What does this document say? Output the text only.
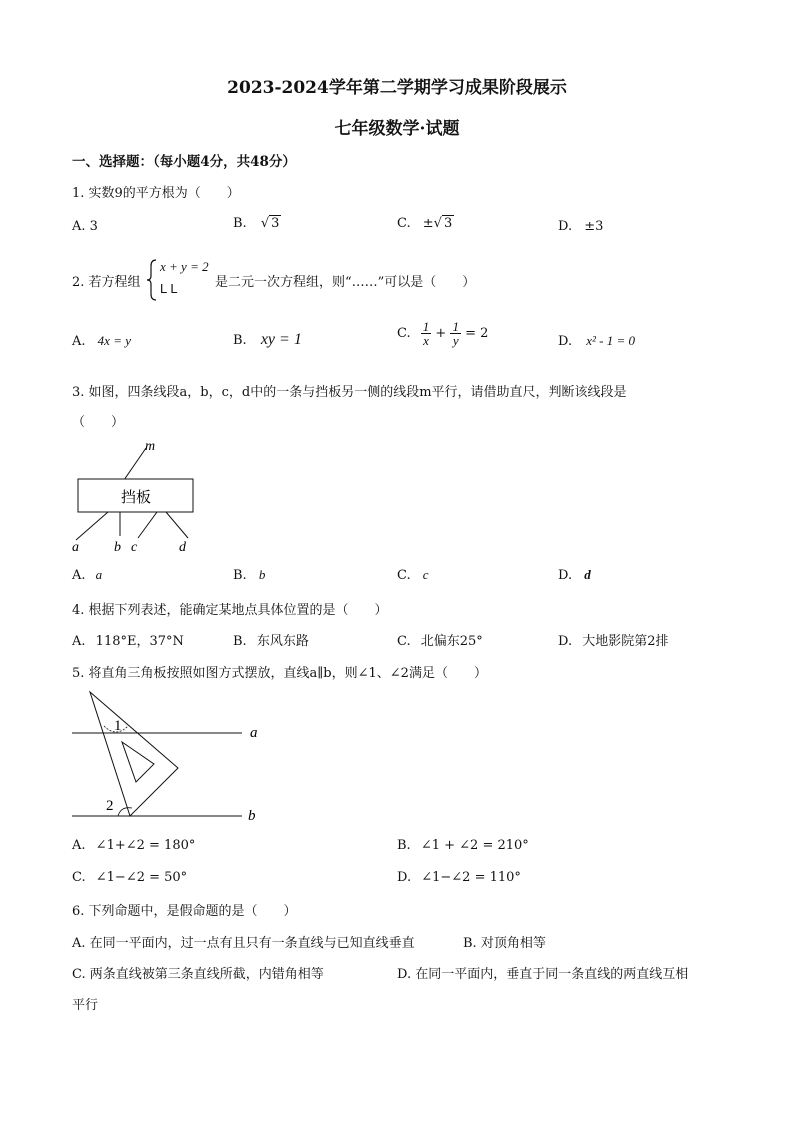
2023-2024学年第二学期学习成果阶段展示
七年级数学·试题
一、选择题：（每小题4分，共48分）
1. 实数9的平方根为（　　）
A. 3	B. √ 3	C. ±√ 3	D. ±3
2. 若方程组
x + y = 2
L L	是二元一次方程组，则“……”可以是（　　）
A. 4x = y	B. xy = 1	C. $\frac{1}{x} + \frac{1}{y} = 2$
D. x² - 1 = 0
3. 如图，四条线段a，b，c，d中的一条与挡板另一侧的线段m平行，请借助直尺，判断该线段是
（　　）
m
挡板
a	b c	d
A. a	B. b	C. c	D. d
4. 根据下列表述，能确定某地点具体位置的是（　　）
A. 118°E，37°N	B. 东风东路	C. 北偏东25°	D. 大地影院第2排
5. 将直角三角板按照如图方式摆放，直线a∥b，则∠1、∠2满足（　　）
1
2
a
b
A. ∠1+∠2 = 180°	B. ∠1 + ∠2 = 210°
C. ∠1−∠2 = 50°	D. ∠1−∠2 = 110°
6. 下列命题中，是假命题的是（　　）
A. 在同一平面内，过一点有且只有一条直线与已知直线垂直	B. 对顶角相等
C. 两条直线被第三条直线所截，内错角相等	D. 在同一平面内，垂直于同一条直线的两直线互相
平行
